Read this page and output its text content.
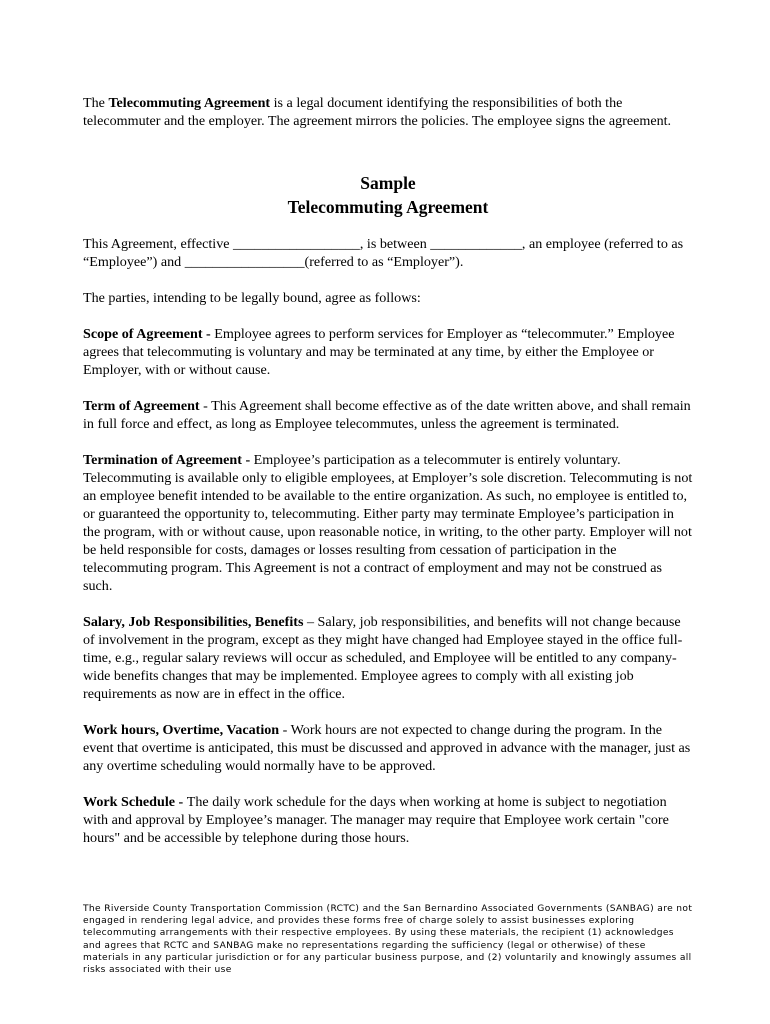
The Telecommuting Agreement is a legal document identifying the responsibilities of both the telecommuter and the employer. The agreement mirrors the policies. The employee signs the agreement.

Sample
Telecommuting Agreement

This Agreement, effective __________________, is between _____________, an employee (referred to as “Employee”) and _________________(referred to as “Employer”).

The parties, intending to be legally bound, agree as follows:

Scope of Agreement - Employee agrees to perform services for Employer as “telecommuter.” Employee agrees that telecommuting is voluntary and may be terminated at any time, by either the Employee or Employer, with or without cause.

Term of Agreement - This Agreement shall become effective as of the date written above, and shall remain in full force and effect, as long as Employee telecommutes, unless the agreement is terminated.

Termination of Agreement - Employee’s participation as a telecommuter is entirely voluntary. Telecommuting is available only to eligible employees, at Employer’s sole discretion. Telecommuting is not an employee benefit intended to be available to the entire organization. As such, no employee is entitled to, or guaranteed the opportunity to, telecommuting. Either party may terminate Employee’s participation in the program, with or without cause, upon reasonable notice, in writing, to the other party. Employer will not be held responsible for costs, damages or losses resulting from cessation of participation in the telecommuting program. This Agreement is not a contract of employment and may not be construed as such.

Salary, Job Responsibilities, Benefits – Salary, job responsibilities, and benefits will not change because of involvement in the program, except as they might have changed had Employee stayed in the office full-time, e.g., regular salary reviews will occur as scheduled, and Employee will be entitled to any company-wide benefits changes that may be implemented. Employee agrees to comply with all existing job requirements as now are in effect in the office.

Work hours, Overtime, Vacation - Work hours are not expected to change during the program. In the event that overtime is anticipated, this must be discussed and approved in advance with the manager, just as any overtime scheduling would normally have to be approved.

Work Schedule - The daily work schedule for the days when working at home is subject to negotiation with and approval by Employee’s manager. The manager may require that Employee work certain "core hours" and be accessible by telephone during those hours.

The Riverside County Transportation Commission (RCTC) and the San Bernardino Associated Governments (SANBAG) are not engaged in rendering legal advice, and provides these forms free of charge solely to assist businesses exploring telecommuting arrangements with their respective employees. By using these materials, the recipient (1) acknowledges and agrees that RCTC and SANBAG make no representations regarding the sufficiency (legal or otherwise) of these materials in any particular jurisdiction or for any particular business purpose, and (2) voluntarily and knowingly assumes all risks associated with their use
